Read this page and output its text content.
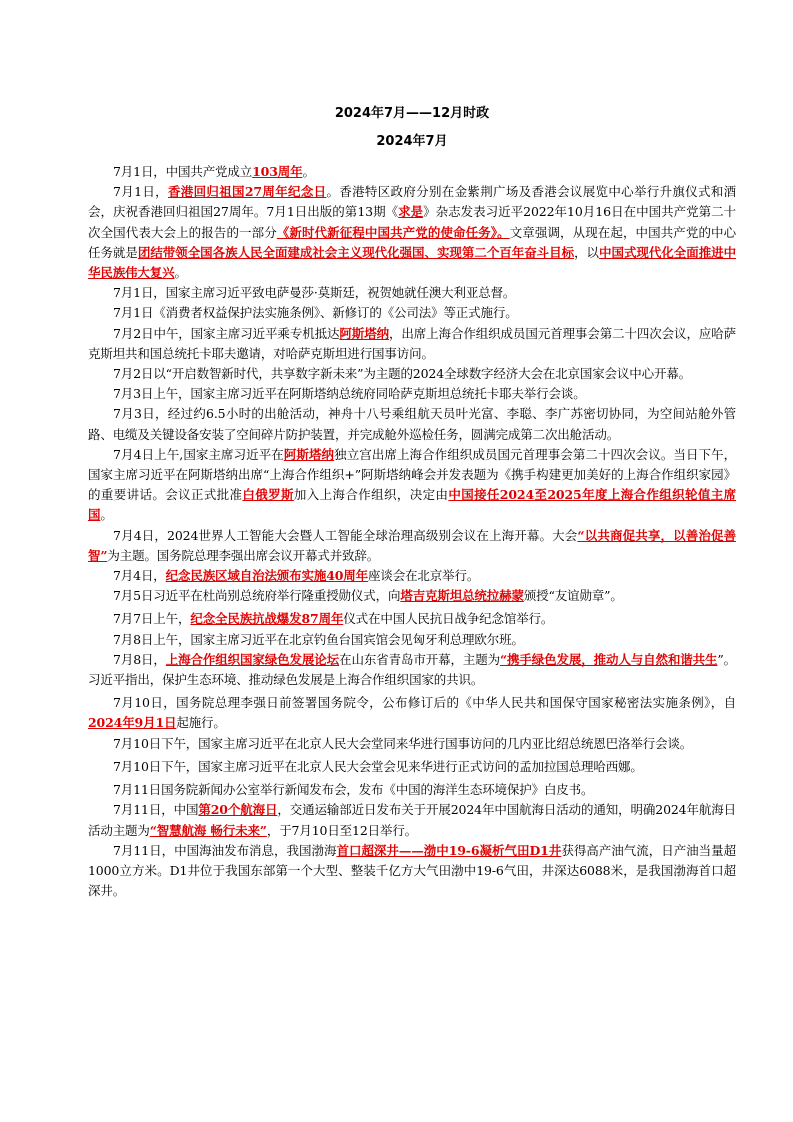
2024年7月——12月时政
2024年7月

7月1日，中国共产党成立103周年。

7月1日，香港回归祖国27周年纪念日。香港特区政府分别在金紫荆广场及香港会议展览中心举行升旗仪式和酒会，庆祝香港回归祖国27周年。7月1日出版的第13期《求是》杂志发表习近平2022年10月16日在中国共产党第二十次全国代表大会上的报告的一部分《新时代新征程中国共产党的使命任务》。文章强调，从现在起，中国共产党的中心任务就是团结带领全国各族人民全面建成社会主义现代化强国、实现第二个百年奋斗目标，以中国式现代化全面推进中华民族伟大复兴。

7月1日，国家主席习近平致电萨曼莎·莫斯廷，祝贺她就任澳大利亚总督。

7月1日《消费者权益保护法实施条例》、新修订的《公司法》等正式施行。

7月2日中午，国家主席习近平乘专机抵达阿斯塔纳，出席上海合作组织成员国元首理事会第二十四次会议，应哈萨克斯坦共和国总统托卡耶夫邀请，对哈萨克斯坦进行国事访问。

7月2日以“开启数智新时代，共享数字新未来”为主题的2024全球数字经济大会在北京国家会议中心开幕。

7月3日上午，国家主席习近平在阿斯塔纳总统府同哈萨克斯坦总统托卡耶夫举行会谈。

7月3日，经过约6.5小时的出舱活动，神舟十八号乘组航天员叶光富、李聪、李广苏密切协同，为空间站舱外管路、电缆及关键设备安装了空间碎片防护装置，并完成舱外巡检任务，圆满完成第二次出舱活动。

7月4日上午,国家主席习近平在阿斯塔纳独立宫出席上海合作组织成员国元首理事会第二十四次会议。当日下午，国家主席习近平在阿斯塔纳出席“上海合作组织+”阿斯塔纳峰会并发表题为《携手构建更加美好的上海合作组织家园》的重要讲话。会议正式批准白俄罗斯加入上海合作组织，决定由中国接任2024至2025年度上海合作组织轮值主席国。

7月4日，2024世界人工智能大会暨人工智能全球治理高级别会议在上海开幕。大会“以共商促共享，以善治促善智”为主题。国务院总理李强出席会议开幕式并致辞。

7月4日，纪念民族区域自治法颁布实施40周年座谈会在北京举行。

7月5日习近平在杜尚别总统府举行隆重授勋仪式，向塔吉克斯坦总统拉赫蒙颁授“友谊勋章”。

7月7日上午，纪念全民族抗战爆发87周年仪式在中国人民抗日战争纪念馆举行。

7月8日上午，国家主席习近平在北京钓鱼台国宾馆会见匈牙利总理欧尔班。

7月8日，上海合作组织国家绿色发展论坛在山东省青岛市开幕，主题为“携手绿色发展，推动人与自然和谐共生”。习近平指出，保护生态环境、推动绿色发展是上海合作组织国家的共识。

7月10日，国务院总理李强日前签署国务院令，公布修订后的《中华人民共和国保守国家秘密法实施条例》，自2024年9月1日起施行。

7月10日下午，国家主席习近平在北京人民大会堂同来华进行国事访问的几内亚比绍总统恩巴洛举行会谈。

7月10日下午，国家主席习近平在北京人民大会堂会见来华进行正式访问的孟加拉国总理哈西娜。

7月11日国务院新闻办公室举行新闻发布会，发布《中国的海洋生态环境保护》白皮书。

7月11日，中国第20个航海日，交通运输部近日发布关于开展2024年中国航海日活动的通知，明确2024年航海日活动主题为“智慧航海 畅行未来”，于7月10日至12日举行。

7月11日，中国海油发布消息，我国渤海首口超深井——渤中19-6凝析气田D1井获得高产油气流，日产油当量超1000立方米。D1井位于我国东部第一个大型、整装千亿方大气田渤中19-6气田，井深达6088米，是我国渤海首口超深井。
